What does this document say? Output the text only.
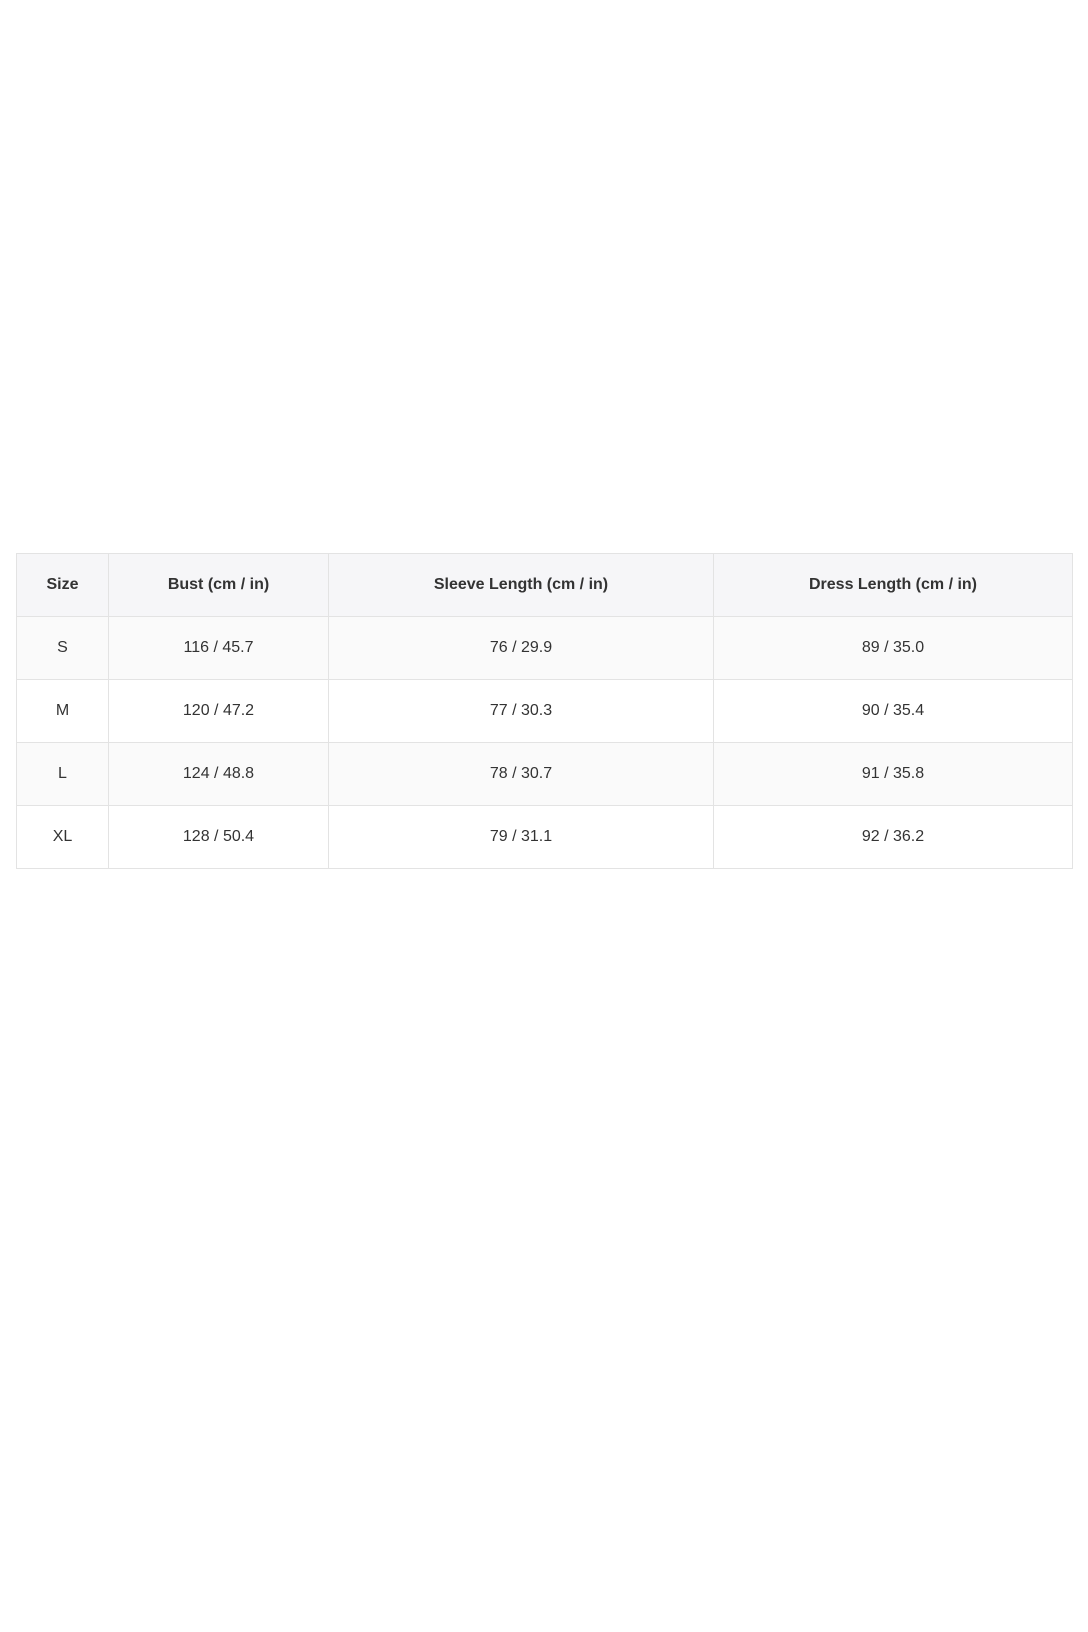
Size	Bust (cm / in)	Sleeve Length (cm / in)	Dress Length (cm / in)
S	116 / 45.7	76 / 29.9	89 / 35.0
M	120 / 47.2	77 / 30.3	90 / 35.4
L	124 / 48.8	78 / 30.7	91 / 35.8
XL	128 / 50.4	79 / 31.1	92 / 36.2
